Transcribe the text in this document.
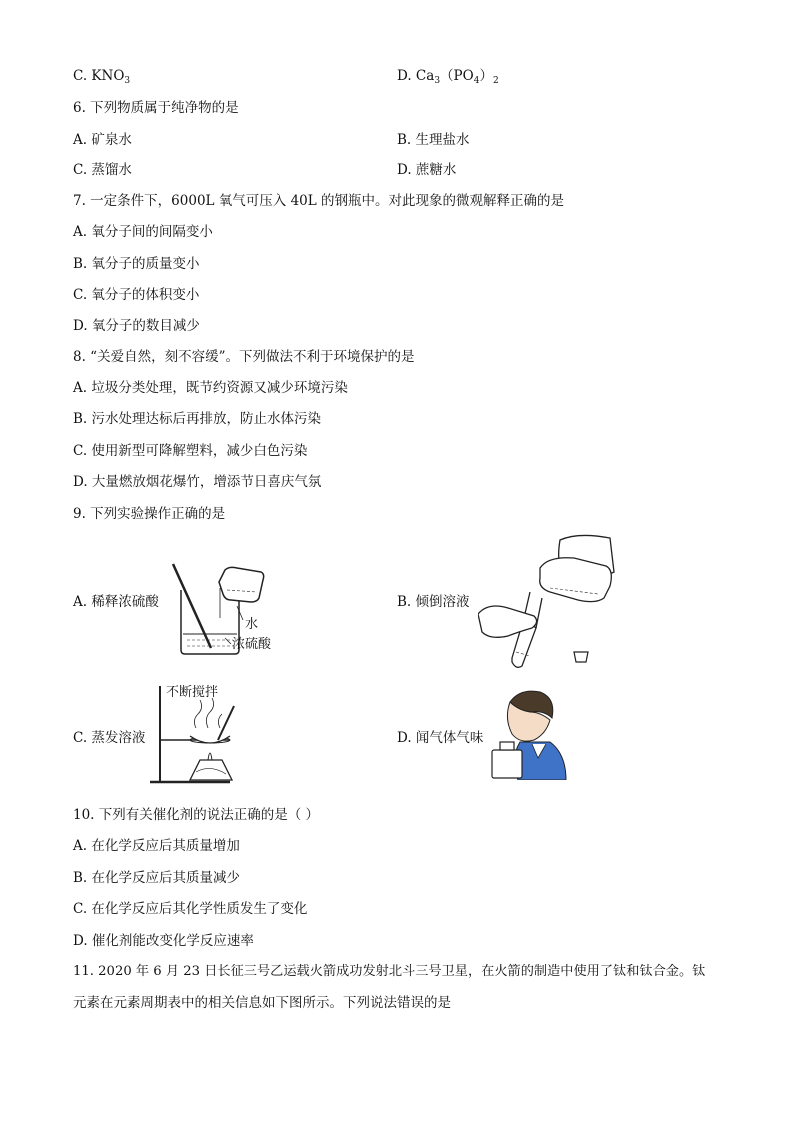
C. $KNO_3$	D. $Ca_3(PO_4)_2$
6. 下列物质属于纯净物的是
A. 矿泉水	B. 生理盐水
C. 蒸馏水	D. 蔗糖水
7. 一定条件下，6000L 氧气可压入 40L 的钢瓶中。对此现象的微观解释正确的是
A. 氧分子间的间隔变小
B. 氧分子的质量变小
C. 氧分子的体积变小
D. 氧分子的数目减少
8. “关爱自然，刻不容缓”。下列做法不利于环境保护的是
A. 垃圾分类处理，既节约资源又减少环境污染
B. 污水处理达标后再排放，防止水体污染
C. 使用新型可降解塑料，减少白色污染
D. 大量燃放烟花爆竹，增添节日喜庆气氛
9. 下列实验操作正确的是
A. 稀释浓硫酸
水
浓硫酸
B. 倾倒溶液
C. 蒸发溶液
不断搅拌
D. 闻气体气味
10. 下列有关催化剂的说法正确的是（ ）
A. 在化学反应后其质量增加
B. 在化学反应后其质量减少
C. 在化学反应后其化学性质发生了变化
D. 催化剂能改变化学反应速率
11. 2020 年 6 月 23 日长征三号乙运载火箭成功发射北斗三号卫星，在火箭的制造中使用了钛和钛合金。钛
元素在元素周期表中的相关信息如下图所示。下列说法错误的是
